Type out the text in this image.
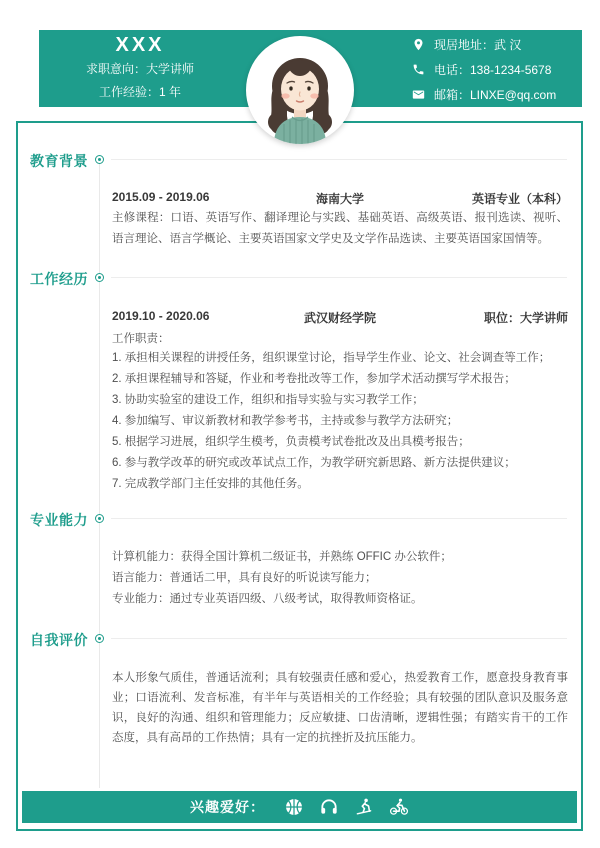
XXX
求职意向：大学讲师
工作经验：1 年
现居地址：武 汉
电话：138-1234-5678
邮箱：LINXE@qq.com
教育背景
2015.09 - 2019.06	海南大学	英语专业（本科）
主修课程：口语、英语写作、翻译理论与实践、基础英语、高级英语、报刊选读、视听、语言理论、语言学概论、主要英语国家文学史及文学作品选读、主要英语国家国情等。
工作经历
2019.10 - 2020.06	武汉财经学院	职位：大学讲师
工作职责：
1. 承担相关课程的讲授任务，组织课堂讨论，指导学生作业、论文、社会调查等工作；
2. 承担课程辅导和答疑，作业和考卷批改等工作，参加学术活动撰写学术报告；
3. 协助实验室的建设工作，组织和指导实验与实习教学工作；
4. 参加编写、审议新教材和教学参考书，主持或参与教学方法研究；
5. 根据学习进展，组织学生模考，负责模考试卷批改及出具模考报告；
6. 参与教学改革的研究或改革试点工作，为教学研究新思路、新方法提供建议；
7. 完成教学部门主任安排的其他任务。
专业能力
计算机能力：获得全国计算机二级证书，并熟练 OFFIC 办公软件；
语言能力：普通话二甲，具有良好的听说读写能力；
专业能力：通过专业英语四级、八级考试，取得教师资格证。
自我评价
本人形象气质佳，普通话流利；具有较强责任感和爱心，热爱教育工作，愿意投身教育事业；口语流利、发音标准，有半年与英语相关的工作经验；具有较强的团队意识及服务意识，良好的沟通、组织和管理能力；反应敏捷、口齿清晰，逻辑性强；有踏实肯干的工作态度，具有高昂的工作热情；具有一定的抗挫折及抗压能力。
兴趣爱好：
